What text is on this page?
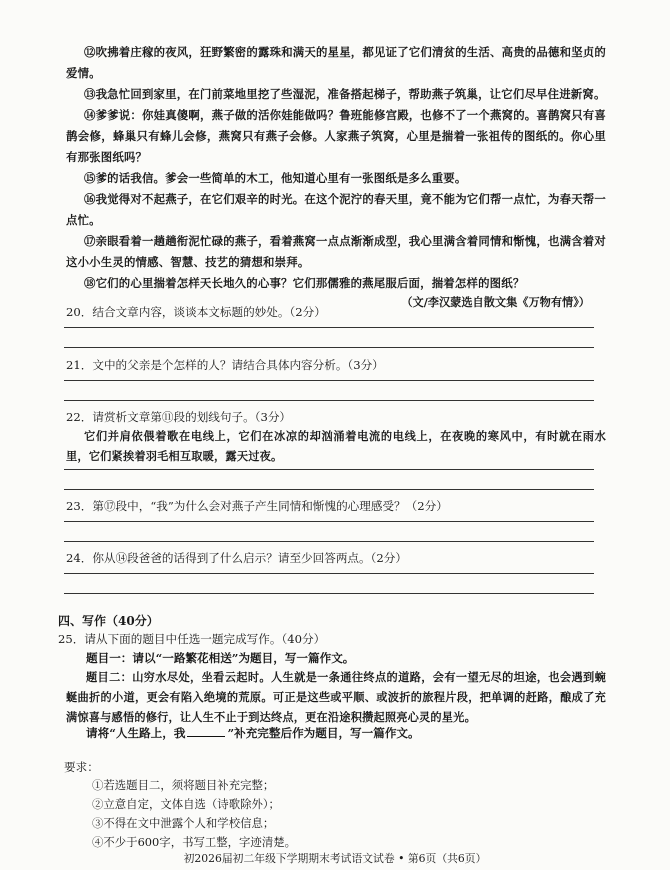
⑫吹拂着庄稼的夜风，狂野繁密的露珠和满天的星星，都见证了它们清贫的生活、高贵的品德和坚贞的爱情。

⑬我急忙回到家里，在门前菜地里挖了些湿泥，准备搭起梯子，帮助燕子筑巢，让它们尽早住进新窝。

⑭爹爹说：你娃真傻啊，燕子做的活你娃能做吗？鲁班能修宫殿，也修不了一个燕窝的。喜鹊窝只有喜鹊会修，蜂巢只有蜂儿会修，燕窝只有燕子会修。人家燕子筑窝，心里是揣着一张祖传的图纸的。你心里有那张图纸吗？

⑮爹的话我信。爹会一些简单的木工，他知道心里有一张图纸是多么重要。

⑯我觉得对不起燕子，在它们艰辛的时光。在这个泥泞的春天里，竟不能为它们帮一点忙，为春天帮一点忙。

⑰亲眼看着一趟趟衔泥忙碌的燕子，看着燕窝一点点渐渐成型，我心里满含着同情和惭愧，也满含着对这小小生灵的情感、智慧、技艺的猜想和崇拜。

⑱它们的心里揣着怎样天长地久的心事？它们那儒雅的燕尾服后面，揣着怎样的图纸？

（文/李汉蒙选自散文集《万物有情》）
20．结合文章内容，谈谈本文标题的妙处。（2分）
21．文中的父亲是个怎样的人？请结合具体内容分析。（3分）
22．请赏析文章第⑪段的划线句子。（3分）

它们并肩依偎着歌在电线上，它们在冰凉的却汹涌着电流的电线上，在夜晚的寒风中，有时就在雨水里，它们紧挨着羽毛相互取暖，露天过夜。

23．第⑰段中，“我”为什么会对燕子产生同情和惭愧的心理感受？（2分）
24．你从⑭段爸爸的话得到了什么启示？请至少回答两点。（2分）
四、写作（40分）
25．请从下面的题目中任选一题完成写作。（40分）
题目一：请以“一路繁花相送”为题目，写一篇作文。

题目二：山穷水尽处，坐看云起时。人生就是一条通往终点的道路，会有一望无尽的坦途，也会遇到蜿蜒曲折的小道，更会有陷入绝境的荒原。可正是这些或平顺、或波折的旅程片段，把单调的赶路，酿成了充满惊喜与感悟的修行，让人生不止于到达终点，更在沿途积攒起照亮心灵的星光。

请将“人生路上，我	”补充完整后作为题目，写一篇作文。
要求：
①若选题目二，须将题目补充完整；
②立意自定，文体自选（诗歌除外）；
③不得在文中泄露个人和学校信息；
④不少于600字，书写工整，字迹清楚。
初2026届初二年级下学期期末考试语文试卷 • 第6页（共6页）
